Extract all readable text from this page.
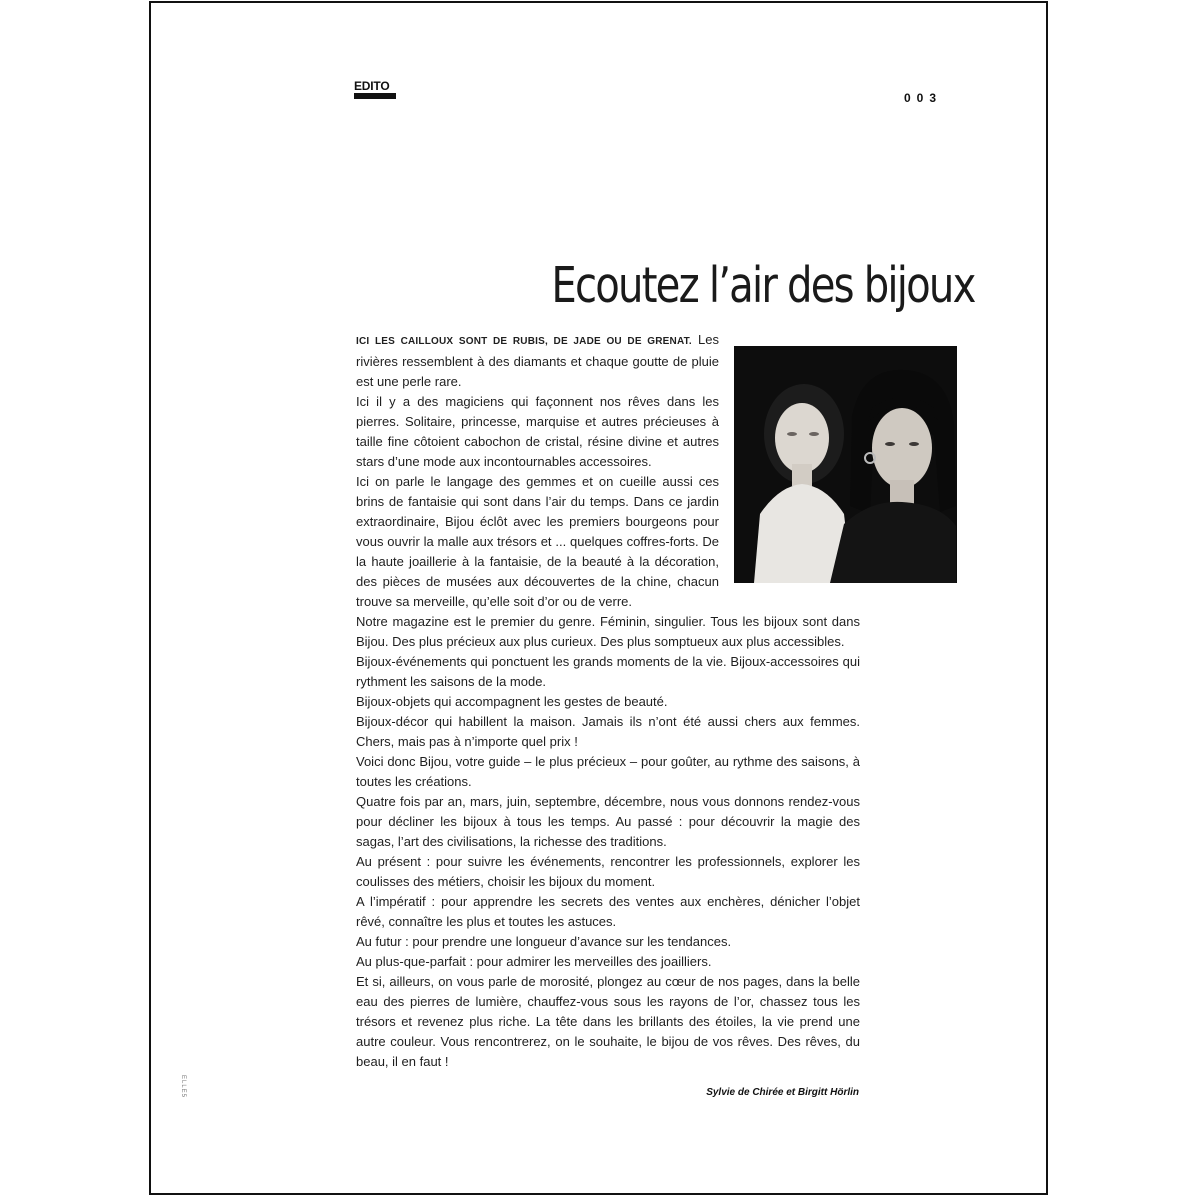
EDITO
003
Ecoutez l’air des bijoux
ICI LES CAILLOUX SONT DE RUBIS, DE JADE OU DE GRENAT. Les rivières ressemblent à des diamants et chaque goutte de pluie est une perle rare.
Ici il y a des magiciens qui façonnent nos rêves dans les pierres. Solitaire, princesse, marquise et autres précieuses à taille fine côtoient cabochon de cristal, résine divine et autres stars d’une mode aux incontournables accessoires.
Ici on parle le langage des gemmes et on cueille aussi ces brins de fantaisie qui sont dans l’air du temps. Dans ce jardin extraordinaire, Bijou éclôt avec les premiers bourgeons pour vous ouvrir la malle aux trésors et ... quelques coffres-forts. De la haute joaillerie à la fantaisie, de la beauté à la décoration, des pièces de musées aux découvertes de la chine, chacun trouve sa merveille, qu’elle soit d’or ou de verre.
Notre magazine est le premier du genre. Féminin, singulier. Tous les bijoux sont dans Bijou. Des plus précieux aux plus curieux. Des plus somptueux aux plus accessibles.
Bijoux-événements qui ponctuent les grands moments de la vie. Bijoux-accessoires qui rythment les saisons de la mode.
Bijoux-objets qui accompagnent les gestes de beauté.
Bijoux-décor qui habillent la maison. Jamais ils n’ont été aussi chers aux femmes. Chers, mais pas à n’importe quel prix !
Voici donc Bijou, votre guide – le plus précieux – pour goûter, au rythme des saisons, à toutes les créations.
Quatre fois par an, mars, juin, septembre, décembre, nous vous donnons rendez-vous pour décliner les bijoux à tous les temps. Au passé : pour découvrir la magie des sagas, l’art des civilisations, la richesse des traditions.
Au présent : pour suivre les événements, rencontrer les professionnels, explorer les coulisses des métiers, choisir les bijoux du moment.
A l’impératif : pour apprendre les secrets des ventes aux enchères, dénicher l’objet rêvé, connaître les plus et toutes les astuces.
Au futur : pour prendre une longueur d’avance sur les tendances.
Au plus-que-parfait : pour admirer les merveilles des joailliers.
Et si, ailleurs, on vous parle de morosité, plongez au cœur de nos pages, dans la belle eau des pierres de lumière, chauffez-vous sous les rayons de l’or, chassez tous les trésors et revenez plus riche. La tête dans les brillants des étoiles, la vie prend une autre couleur. Vous rencontrerez, on le souhaite, le bijou de vos rêves. Des rêves, du beau, il en faut !
Sylvie de Chirée et Birgitt Hörlin
ELLE5
